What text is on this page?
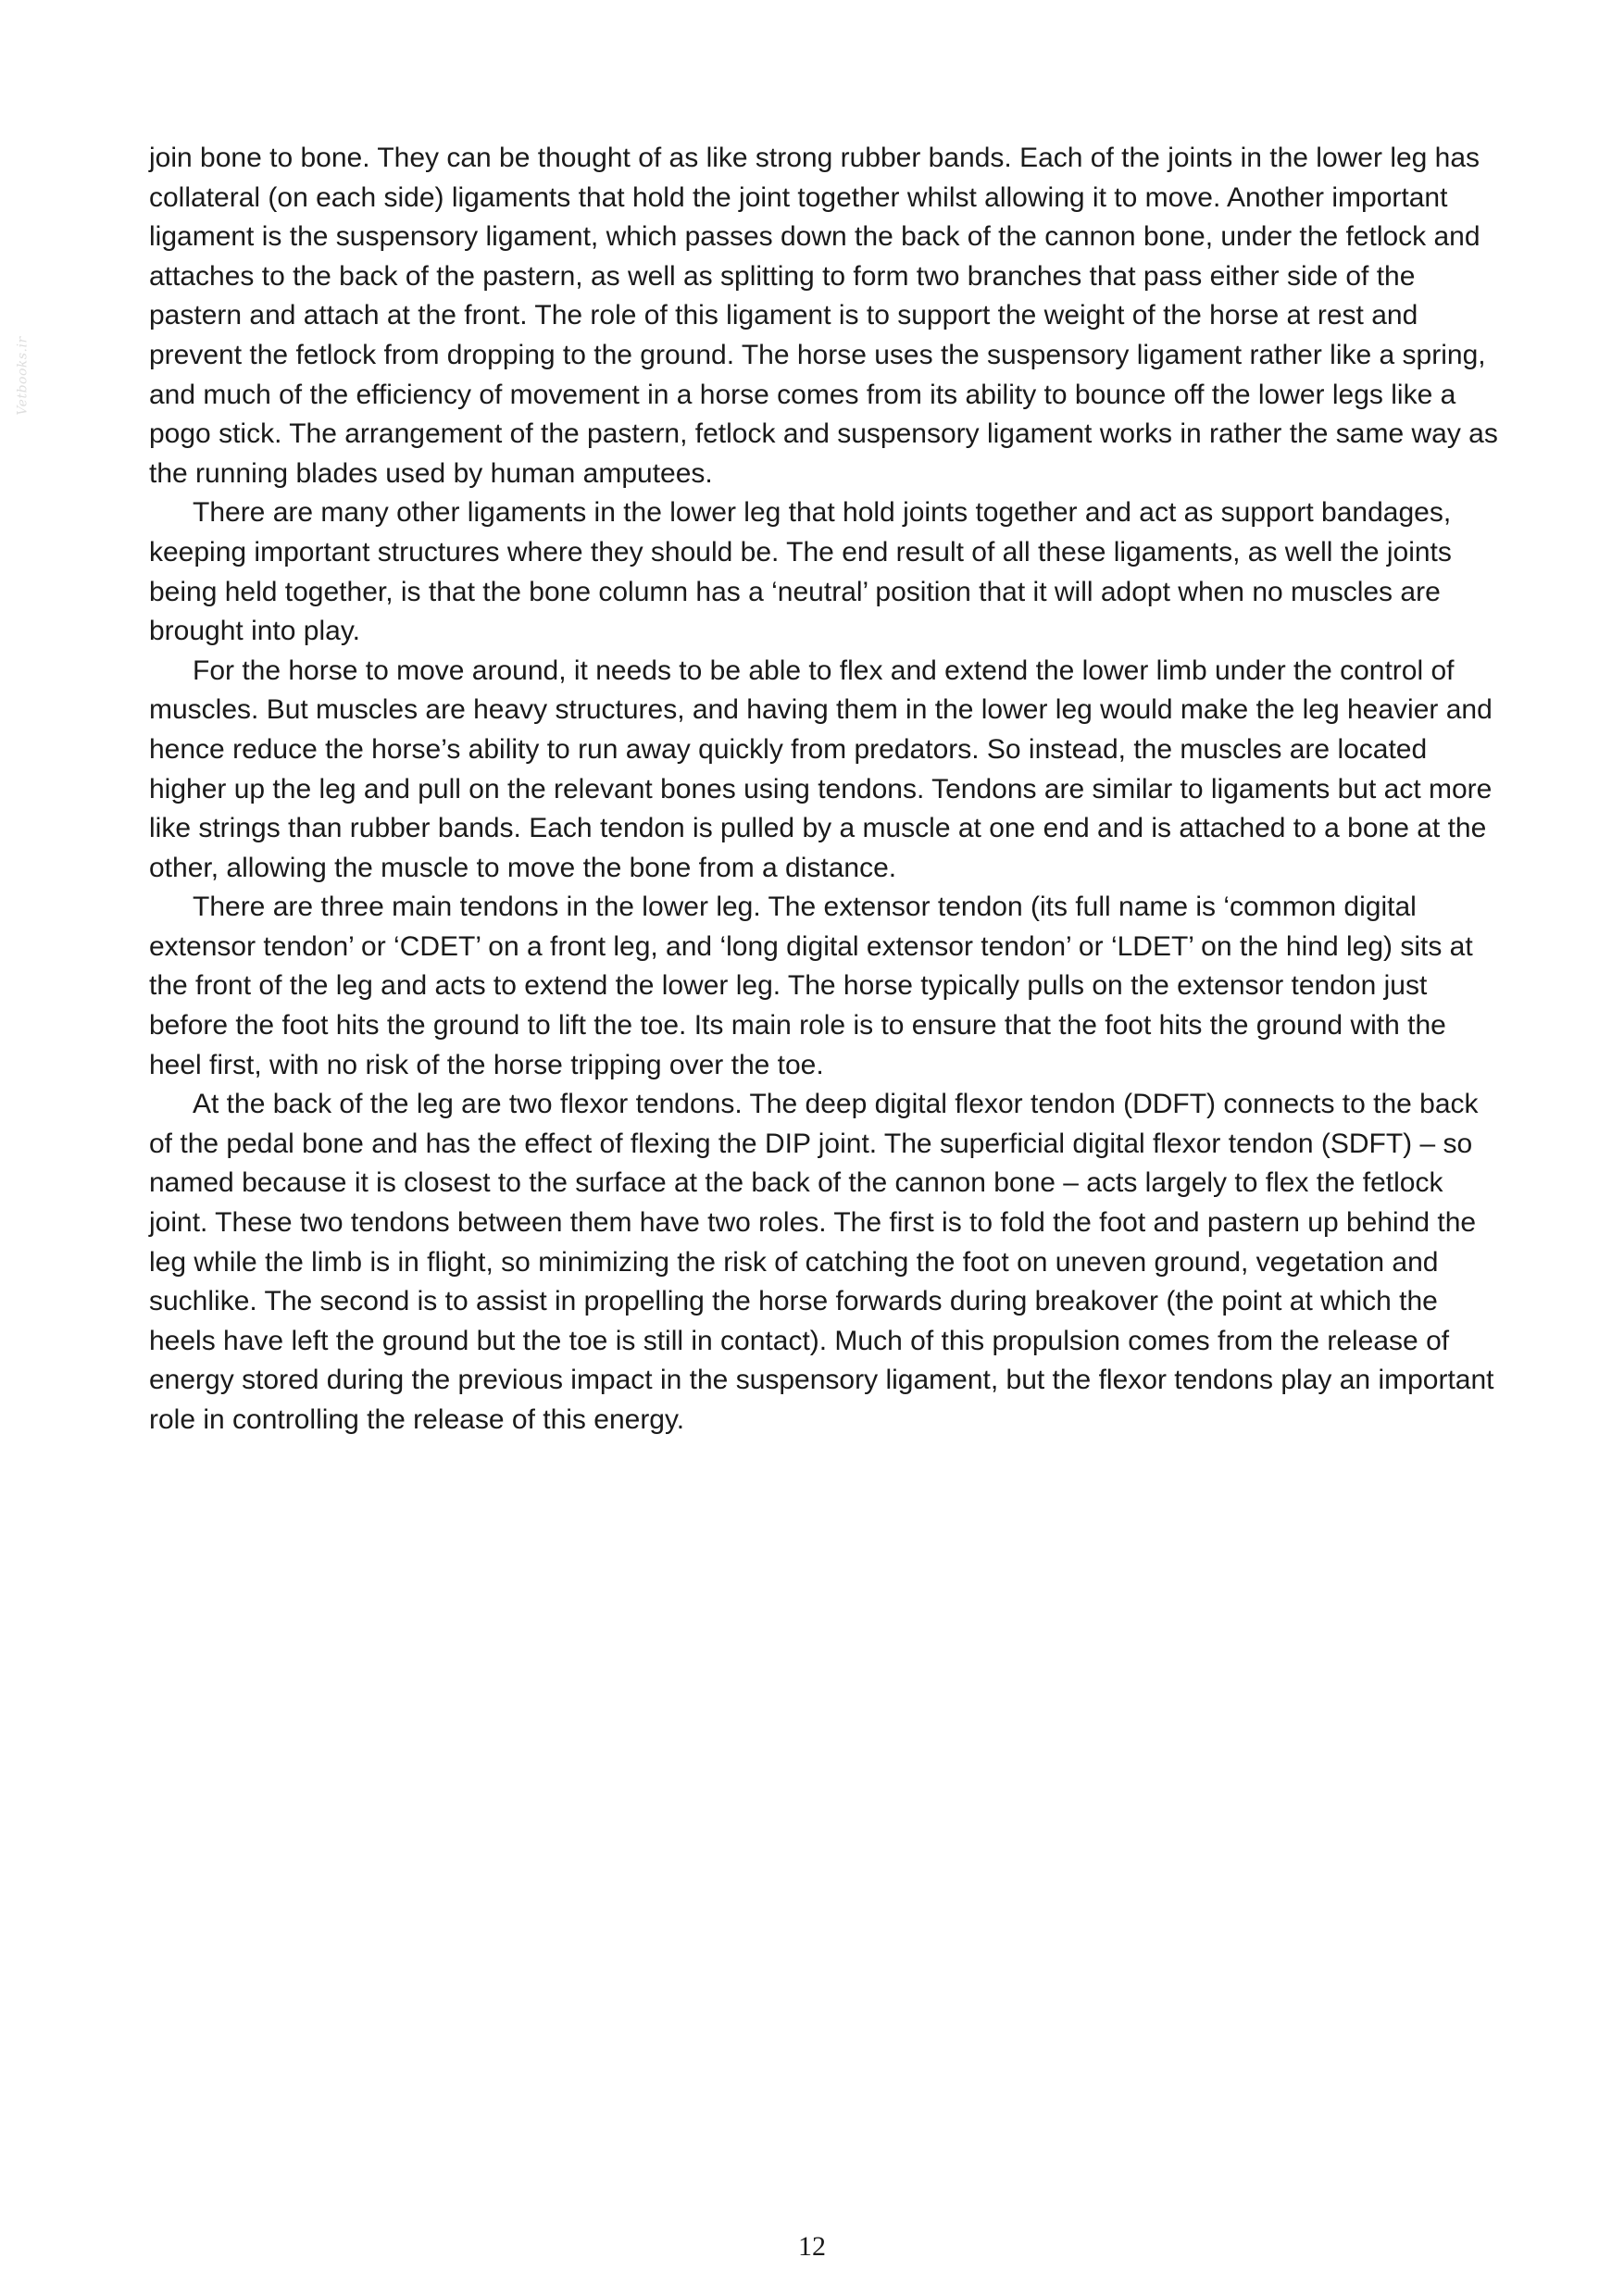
Vetbooks.ir

join bone to bone. They can be thought of as like strong rubber bands. Each of the joints in the lower leg has collateral (on each side) ligaments that hold the joint together whilst allowing it to move. Another important ligament is the suspensory ligament, which passes down the back of the cannon bone, under the fetlock and attaches to the back of the pastern, as well as splitting to form two branches that pass either side of the pastern and attach at the front. The role of this ligament is to support the weight of the horse at rest and prevent the fetlock from dropping to the ground. The horse uses the suspensory ligament rather like a spring, and much of the efficiency of movement in a horse comes from its ability to bounce off the lower legs like a pogo stick. The arrangement of the pastern, fetlock and suspensory ligament works in rather the same way as the running blades used by human amputees.

There are many other ligaments in the lower leg that hold joints together and act as support bandages, keeping important structures where they should be. The end result of all these ligaments, as well the joints being held together, is that the bone column has a ‘neutral’ position that it will adopt when no muscles are brought into play.

For the horse to move around, it needs to be able to flex and extend the lower limb under the control of muscles. But muscles are heavy structures, and having them in the lower leg would make the leg heavier and hence reduce the horse’s ability to run away quickly from predators. So instead, the muscles are located higher up the leg and pull on the relevant bones using tendons. Tendons are similar to ligaments but act more like strings than rubber bands. Each tendon is pulled by a muscle at one end and is attached to a bone at the other, allowing the muscle to move the bone from a distance.

There are three main tendons in the lower leg. The extensor tendon (its full name is ‘common digital extensor tendon’ or ‘CDET’ on a front leg, and ‘long digital extensor tendon’ or ‘LDET’ on the hind leg) sits at the front of the leg and acts to extend the lower leg. The horse typically pulls on the extensor tendon just before the foot hits the ground to lift the toe. Its main role is to ensure that the foot hits the ground with the heel first, with no risk of the horse tripping over the toe.

At the back of the leg are two flexor tendons. The deep digital flexor tendon (DDFT) connects to the back of the pedal bone and has the effect of flexing the DIP joint. The superficial digital flexor tendon (SDFT) – so named because it is closest to the surface at the back of the cannon bone – acts largely to flex the fetlock joint. These two tendons between them have two roles. The first is to fold the foot and pastern up behind the leg while the limb is in flight, so minimizing the risk of catching the foot on uneven ground, vegetation and suchlike. The second is to assist in propelling the horse forwards during breakover (the point at which the heels have left the ground but the toe is still in contact). Much of this propulsion comes from the release of energy stored during the previous impact in the suspensory ligament, but the flexor tendons play an important role in controlling the release of this energy.

12
